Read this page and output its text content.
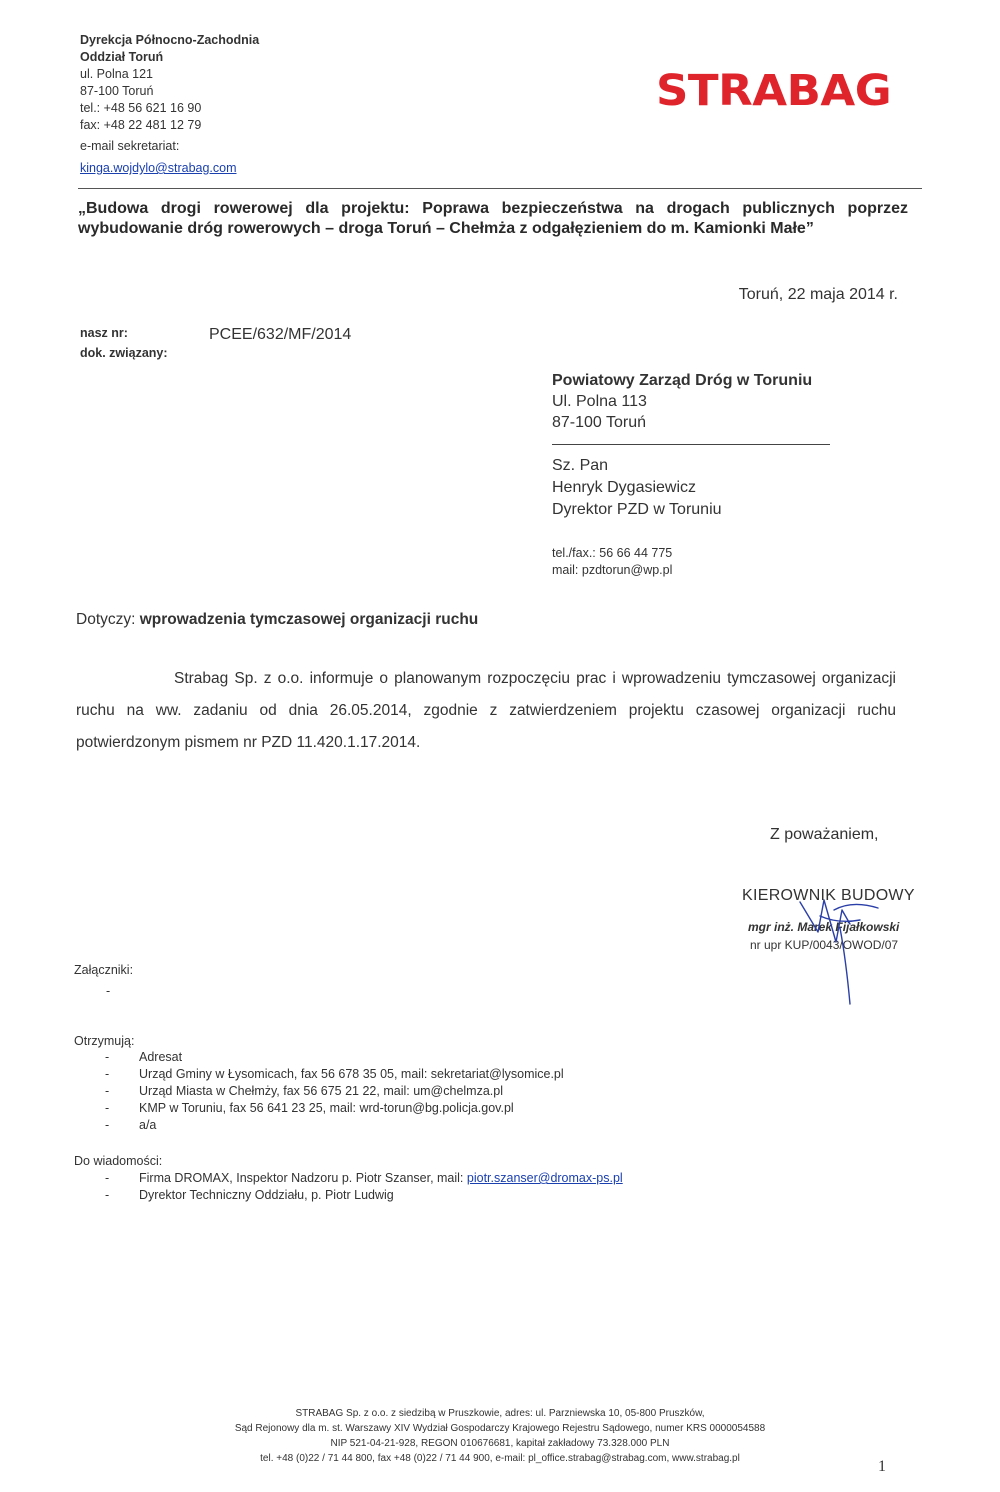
Dyrekcja Północno-Zachodnia
Oddział Toruń
ul. Polna 121
87-100 Toruń
tel.: +48 56 621 16 90
fax: +48 22 481 12 79
e-mail sekretariat:
kinga.wojdylo@strabag.com
STRABAG
„Budowa drogi rowerowej dla projektu: Poprawa bezpieczeństwa na drogach publicznych poprzez wybudowanie dróg rowerowych – droga Toruń – Chełmża z odgałęzieniem do m. Kamionki Małe”
Toruń, 22 maja 2014 r.
nasz nr:	PCEE/632/MF/2014
dok. związany:
Powiatowy Zarząd Dróg w Toruniu
Ul. Polna 113
87-100 Toruń
Sz. Pan
Henryk Dygasiewicz
Dyrektor PZD w Toruniu
tel./fax.: 56 66 44 775
mail: pzdtorun@wp.pl
Dotyczy: wprowadzenia tymczasowej organizacji ruchu
Strabag Sp. z o.o. informuje o planowanym rozpoczęciu prac i wprowadzeniu tymczasowej organizacji ruchu na ww. zadaniu od dnia 26.05.2014, zgodnie z zatwierdzeniem projektu czasowej organizacji ruchu potwierdzonym pismem nr PZD 11.420.1.17.2014.
Z poważaniem,
KIEROWNIK BUDOWY
mgr inż. Marek Fijałkowski
nr upr KUP/0043/OWOD/07
Załączniki:
-
Otrzymują:
- Adresat
- Urząd Gminy w Łysomicach, fax 56 678 35 05, mail: sekretariat@lysomice.pl
- Urząd Miasta w Chełmży, fax 56 675 21 22, mail: um@chelmza.pl
- KMP w Toruniu, fax 56 641 23 25, mail: wrd-torun@bg.policja.gov.pl
- a/a
Do wiadomości:
- Firma DROMAX, Inspektor Nadzoru p. Piotr Szanser, mail: piotr.szanser@dromax-ps.pl
- Dyrektor Techniczny Oddziału, p. Piotr Ludwig
STRABAG Sp. z o.o. z siedzibą w Pruszkowie, adres: ul. Parzniewska 10, 05-800 Pruszków,
Sąd Rejonowy dla m. st. Warszawy XIV Wydział Gospodarczy Krajowego Rejestru Sądowego, numer KRS 0000054588
NIP 521-04-21-928, REGON 010676681, kapitał zakładowy 73.328.000 PLN
tel. +48 (0)22 / 71 44 800, fax +48 (0)22 / 71 44 900, e-mail: pl_office.strabag@strabag.com, www.strabag.pl	1
